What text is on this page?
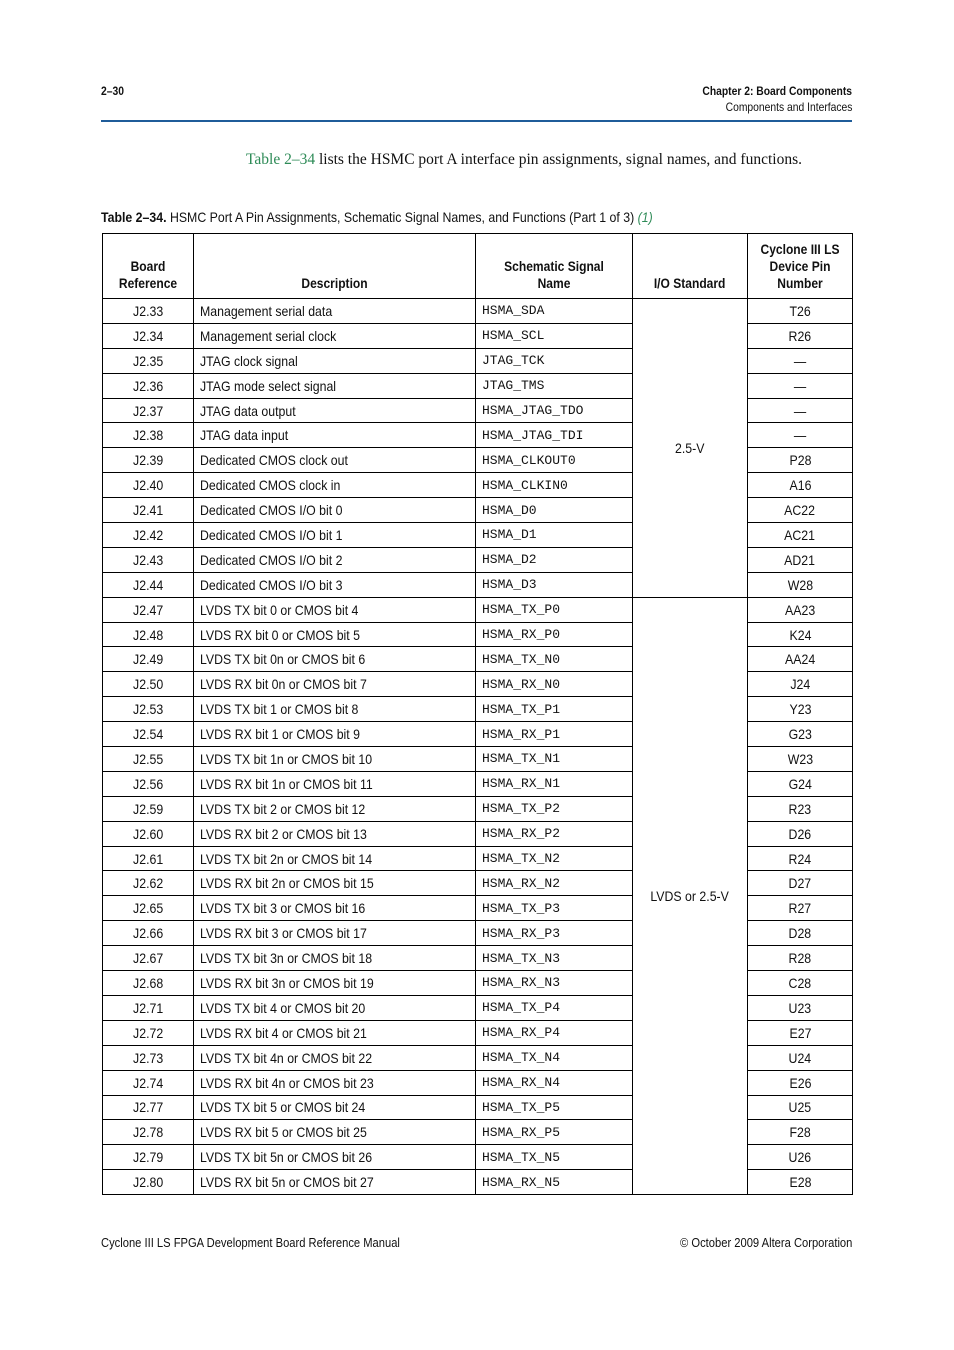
2–30	Chapter 2: Board Components
Components and Interfaces

Table 2–34 lists the HSMC port A interface pin assignments, signal names, and functions.

Table 2–34. HSMC Port A Pin Assignments, Schematic Signal Names, and Functions (Part 1 of 3) (1)
Board Reference	Description	Schematic Signal Name	I/O Standard	Cyclone III LS Device Pin Number
J2.33	Management serial data	HSMA_SDA	2.5-V	T26
J2.34	Management serial clock	HSMA_SCL		R26
J2.35	JTAG clock signal	JTAG_TCK		—
J2.36	JTAG mode select signal	JTAG_TMS		—
J2.37	JTAG data output	HSMA_JTAG_TDO		—
J2.38	JTAG data input	HSMA_JTAG_TDI		—
J2.39	Dedicated CMOS clock out	HSMA_CLKOUT0		P28
J2.40	Dedicated CMOS clock in	HSMA_CLKIN0		A16
J2.41	Dedicated CMOS I/O bit 0	HSMA_D0		AC22
J2.42	Dedicated CMOS I/O bit 1	HSMA_D1		AC21
J2.43	Dedicated CMOS I/O bit 2	HSMA_D2		AD21
J2.44	Dedicated CMOS I/O bit 3	HSMA_D3		W28
J2.47	LVDS TX bit 0 or CMOS bit 4	HSMA_TX_P0	LVDS or 2.5-V	AA23
J2.48	LVDS RX bit 0 or CMOS bit 5	HSMA_RX_P0		K24
J2.49	LVDS TX bit 0n or CMOS bit 6	HSMA_TX_N0		AA24
J2.50	LVDS RX bit 0n or CMOS bit 7	HSMA_RX_N0		J24
J2.53	LVDS TX bit 1 or CMOS bit 8	HSMA_TX_P1		Y23
J2.54	LVDS RX bit 1 or CMOS bit 9	HSMA_RX_P1		G23
J2.55	LVDS TX bit 1n or CMOS bit 10	HSMA_TX_N1		W23
J2.56	LVDS RX bit 1n or CMOS bit 11	HSMA_RX_N1		G24
J2.59	LVDS TX bit 2 or CMOS bit 12	HSMA_TX_P2		R23
J2.60	LVDS RX bit 2 or CMOS bit 13	HSMA_RX_P2		D26
J2.61	LVDS TX bit 2n or CMOS bit 14	HSMA_TX_N2		R24
J2.62	LVDS RX bit 2n or CMOS bit 15	HSMA_RX_N2		D27
J2.65	LVDS TX bit 3 or CMOS bit 16	HSMA_TX_P3		R27
J2.66	LVDS RX bit 3 or CMOS bit 17	HSMA_RX_P3		D28
J2.67	LVDS TX bit 3n or CMOS bit 18	HSMA_TX_N3		R28
J2.68	LVDS RX bit 3n or CMOS bit 19	HSMA_RX_N3		C28
J2.71	LVDS TX bit 4 or CMOS bit 20	HSMA_TX_P4		U23
J2.72	LVDS RX bit 4 or CMOS bit 21	HSMA_RX_P4		E27
J2.73	LVDS TX bit 4n or CMOS bit 22	HSMA_TX_N4		U24
J2.74	LVDS RX bit 4n or CMOS bit 23	HSMA_RX_N4		E26
J2.77	LVDS TX bit 5 or CMOS bit 24	HSMA_TX_P5		U25
J2.78	LVDS RX bit 5 or CMOS bit 25	HSMA_RX_P5		F28
J2.79	LVDS TX bit 5n or CMOS bit 26	HSMA_TX_N5		U26
J2.80	LVDS RX bit 5n or CMOS bit 27	HSMA_RX_N5		E28
Cyclone III LS FPGA Development Board Reference Manual	© October 2009 Altera Corporation
